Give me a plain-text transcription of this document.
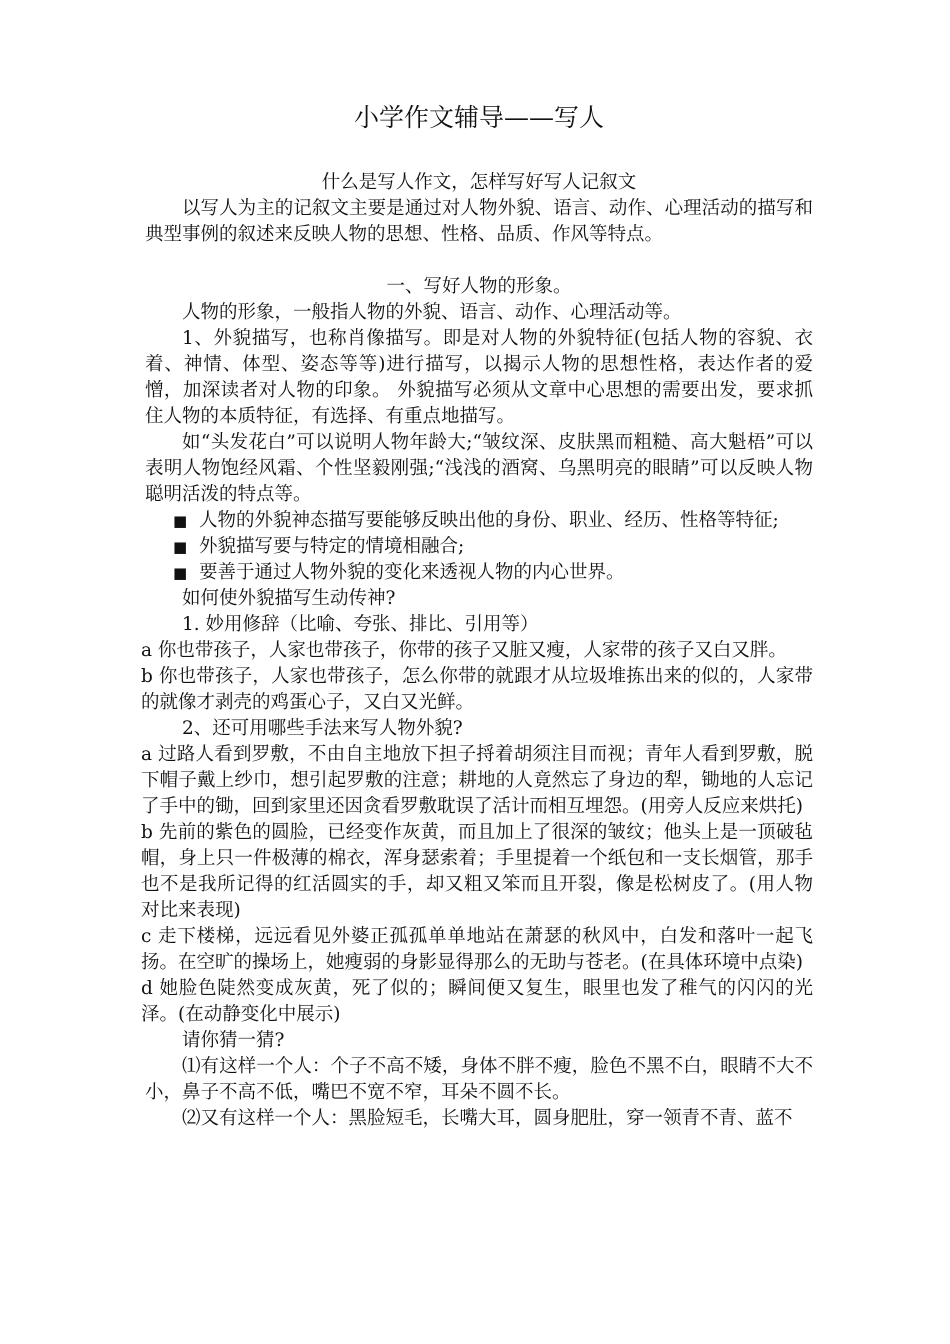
小学作文辅导——写人

什么是写人作文，怎样写好写人记叙文

以写人为主的记叙文主要是通过对人物外貌、语言、动作、心理活动的描写和典型事例的叙述来反映人物的思想、性格、品质、作风等特点。

一、写好人物的形象。

人物的形象，一般指人物的外貌、语言、动作、心理活动等。

1、外貌描写，也称肖像描写。即是对人物的外貌特征(包括人物的容貌、衣着、神情、体型、姿态等等)进行描写，以揭示人物的思想性格，表达作者的爱憎，加深读者对人物的印象。 外貌描写必须从文章中心思想的需要出发，要求抓住人物的本质特征，有选择、有重点地描写。

如“头发花白”可以说明人物年龄大;“皱纹深、皮肤黑而粗糙、高大魁梧”可以表明人物饱经风霜、个性坚毅刚强;“浅浅的酒窝、乌黑明亮的眼睛”可以反映人物聪明活泼的特点等。

■ 人物的外貌神态描写要能够反映出他的身份、职业、经历、性格等特征;
■ 外貌描写要与特定的情境相融合;
■ 要善于通过人物外貌的变化来透视人物的内心世界。

如何使外貌描写生动传神?

1. 妙用修辞（比喻、夸张、排比、引用等）

a 你也带孩子，人家也带孩子，你带的孩子又脏又瘦，人家带的孩子又白又胖。

b 你也带孩子，人家也带孩子，怎么你带的就跟才从垃圾堆拣出来的似的，人家带的就像才剥壳的鸡蛋心子，又白又光鲜。

2、还可用哪些手法来写人物外貌?

a 过路人看到罗敷，不由自主地放下担子捋着胡须注目而视；青年人看到罗敷，脱下帽子戴上纱巾，想引起罗敷的注意；耕地的人竟然忘了身边的犁，锄地的人忘记了手中的锄，回到家里还因贪看罗敷耽误了活计而相互埋怨。(用旁人反应来烘托)

b 先前的紫色的圆脸，已经变作灰黄，而且加上了很深的皱纹；他头上是一顶破毡帽，身上只一件极薄的棉衣，浑身瑟索着；手里提着一个纸包和一支长烟管，那手也不是我所记得的红活圆实的手，却又粗又笨而且开裂，像是松树皮了。(用人物对比来表现)

c 走下楼梯，远远看见外婆正孤孤单单地站在萧瑟的秋风中，白发和落叶一起飞扬。在空旷的操场上，她瘦弱的身影显得那么的无助与苍老。(在具体环境中点染)

d 她脸色陡然变成灰黄，死了似的；瞬间便又复生，眼里也发了稚气的闪闪的光泽。(在动静变化中展示)

请你猜一猜?

⑴有这样一个人：个子不高不矮，身体不胖不瘦，脸色不黑不白，眼睛不大不小，鼻子不高不低，嘴巴不宽不窄，耳朵不圆不长。

⑵又有这样一个人：黑脸短毛，长嘴大耳，圆身肥肚，穿一领青不青、蓝不
